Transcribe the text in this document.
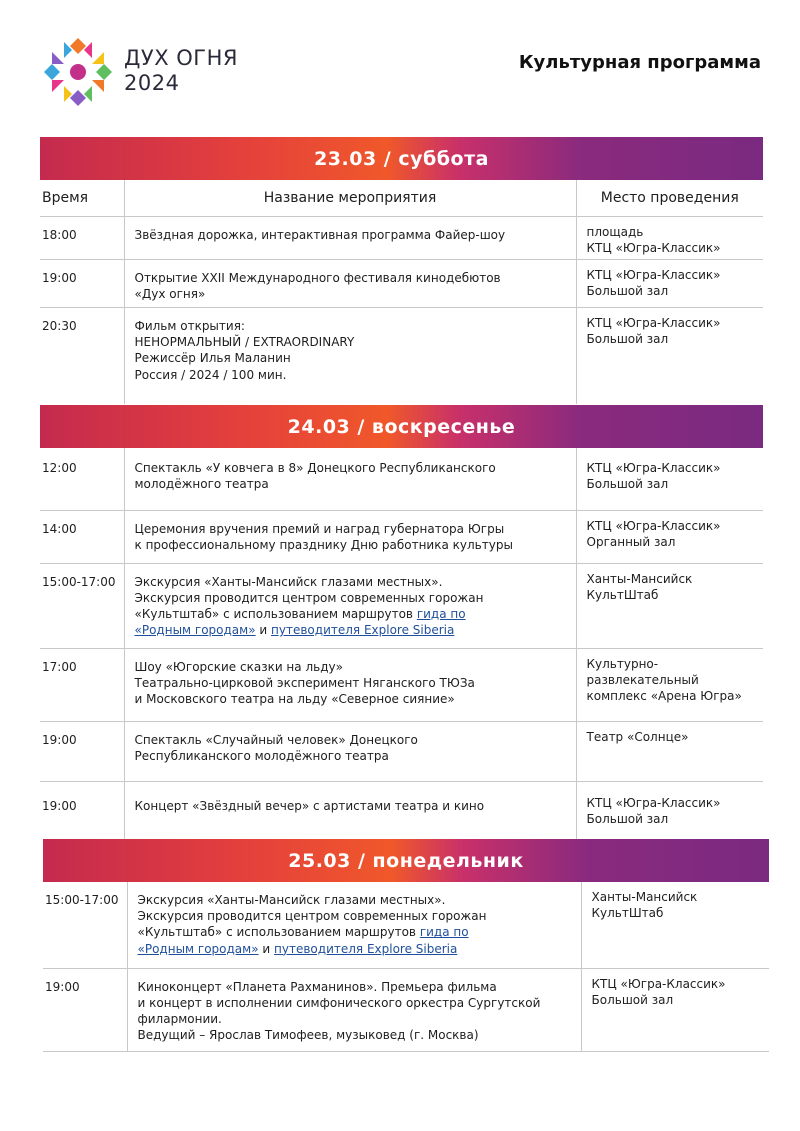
ДУХ ОГНЯ
2024
Культурная программа
23.03 / суббота
Время	Название мероприятия	Место проведения
18:00	Звёздная дорожка, интерактивная программа Файер-шоу	площадь
КТЦ «Югра-Классик»

19:00	Открытие XXII Международного фестиваля кинодебютов
«Дух огня»	КТЦ «Югра-Классик»
Большой зал

20:30	Фильм открытия:
НЕНОРМАЛЬНЫЙ / EXTRAORDINARY
Режиссёр Илья Маланин
Россия / 2024 / 100 мин.	КТЦ «Югра-Классик»
Большой зал
24.03 / воскресенье

12:00	Спектакль «У ковчега в 8» Донецкого Республиканского
молодёжного театра	КТЦ «Югра-Классик»
Большой зал

14:00	Церемония вручения премий и наград губернатора Югры
к профессиональному празднику Дню работника культуры	КТЦ «Югра-Классик»
Органный зал

15:00-17:00	Экскурсия «Ханты-Мансийск глазами местных».
Экскурсия проводится центром современных горожан
«Культштаб» с использованием маршрутов гида по
«Родным городам» и путеводителя Explore Siberia	Ханты-Мансийск
КультШтаб

17:00	Шоу «Югорские сказки на льду»
Театрально-цирковой эксперимент Няганского ТЮЗа
и Московского театра на льду «Северное сияние»	Культурно-
развлекательный
комплекс «Арена Югра»

19:00	Спектакль «Случайный человек» Донецкого
Республиканского молодёжного театра	Театр «Солнце»

19:00	Концерт «Звёздный вечер» с артистами театра и кино	КТЦ «Югра-Классик»
Большой зал
25.03 / понедельник
15:00-17:00	Экскурсия «Ханты-Мансийск глазами местных».
Экскурсия проводится центром современных горожан
«Культштаб» с использованием маршрутов гида по
«Родным городам» и путеводителя Explore Siberia	Ханты-Мансийск
КультШтаб

19:00	Киноконцерт «Планета Рахманинов». Премьера фильма
и концерт в исполнении симфонического оркестра Сургутской
филармонии.
Ведущий – Ярослав Тимофеев, музыковед (г. Москва)	КТЦ «Югра-Классик»
Большой зал
